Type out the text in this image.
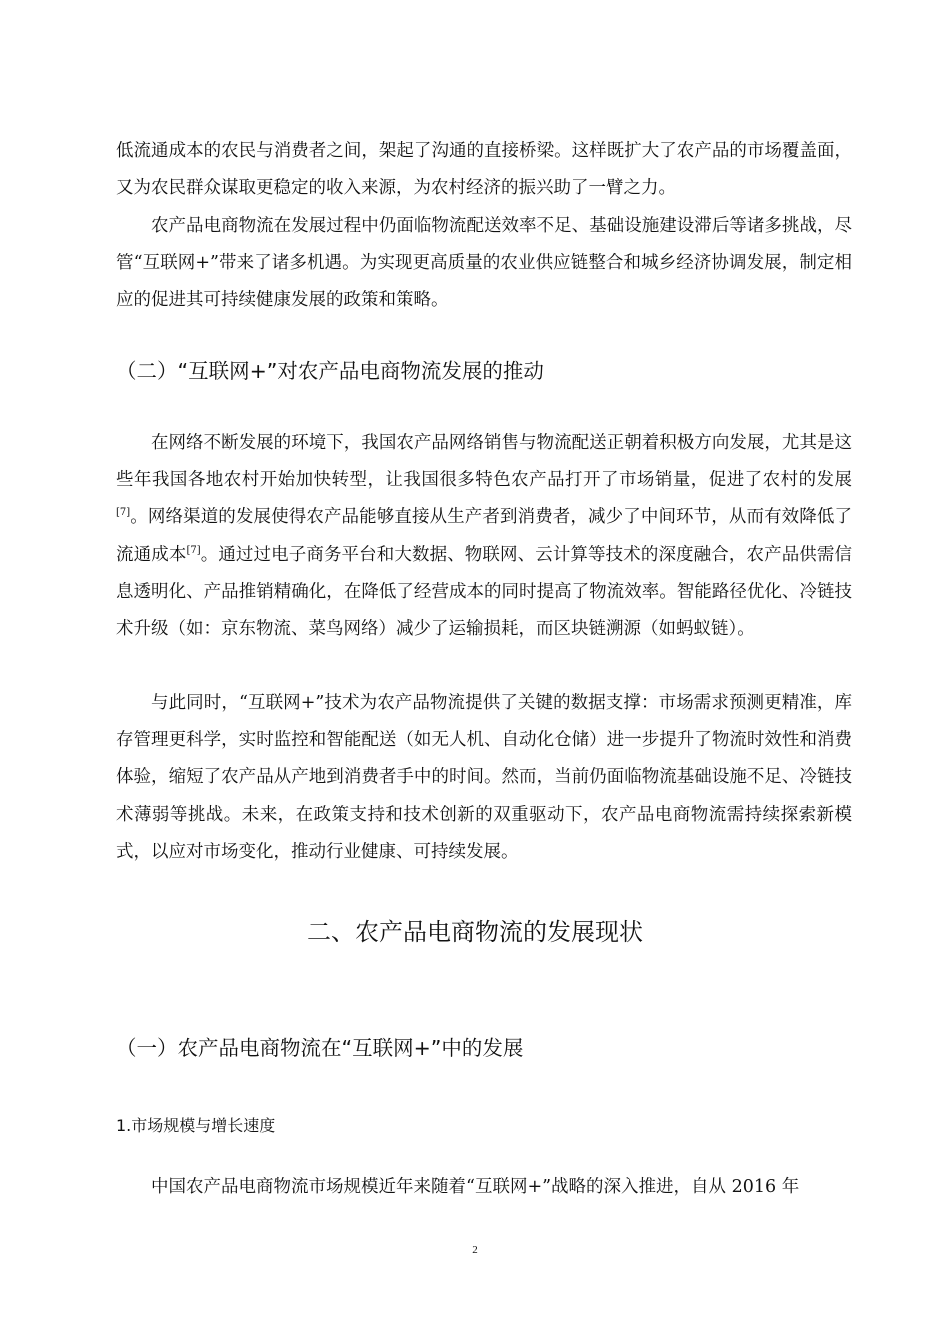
低流通成本的农民与消费者之间，架起了沟通的直接桥梁。这样既扩大了农产品的市场覆盖面，又为农民群众谋取更稳定的收入来源，为农村经济的振兴助了一臂之力。

农产品电商物流在发展过程中仍面临物流配送效率不足、基础设施建设滞后等诸多挑战，尽管“互联网+”带来了诸多机遇。为实现更高质量的农业供应链整合和城乡经济协调发展，制定相应的促进其可持续健康发展的政策和策略。

（二）“互联网+”对农产品电商物流发展的推动

在网络不断发展的环境下，我国农产品网络销售与物流配送正朝着积极方向发展，尤其是这些年我国各地农村开始加快转型，让我国很多特色农产品打开了市场销量，促进了农村的发展[7]。网络渠道的发展使得农产品能够直接从生产者到消费者，减少了中间环节，从而有效降低了流通成本[7]。通过过电子商务平台和大数据、物联网、云计算等技术的深度融合，农产品供需信息透明化、产品推销精确化，在降低了经营成本的同时提高了物流效率。智能路径优化、冷链技术升级（如：京东物流、菜鸟网络）减少了运输损耗，而区块链溯源（如蚂蚁链）。

与此同时，“互联网+”技术为农产品物流提供了关键的数据支撑：市场需求预测更精准，库存管理更科学，实时监控和智能配送（如无人机、自动化仓储）进一步提升了物流时效性和消费体验，缩短了农产品从产地到消费者手中的时间。然而，当前仍面临物流基础设施不足、冷链技术薄弱等挑战。未来，在政策支持和技术创新的双重驱动下，农产品电商物流需持续探索新模式，以应对市场变化，推动行业健康、可持续发展。

二、农产品电商物流的发展现状
（一）农产品电商物流在“互联网+”中的发展
1.市场规模与增长速度

中国农产品电商物流市场规模近年来随着“互联网+”战略的深入推进，自从 2016 年

2
